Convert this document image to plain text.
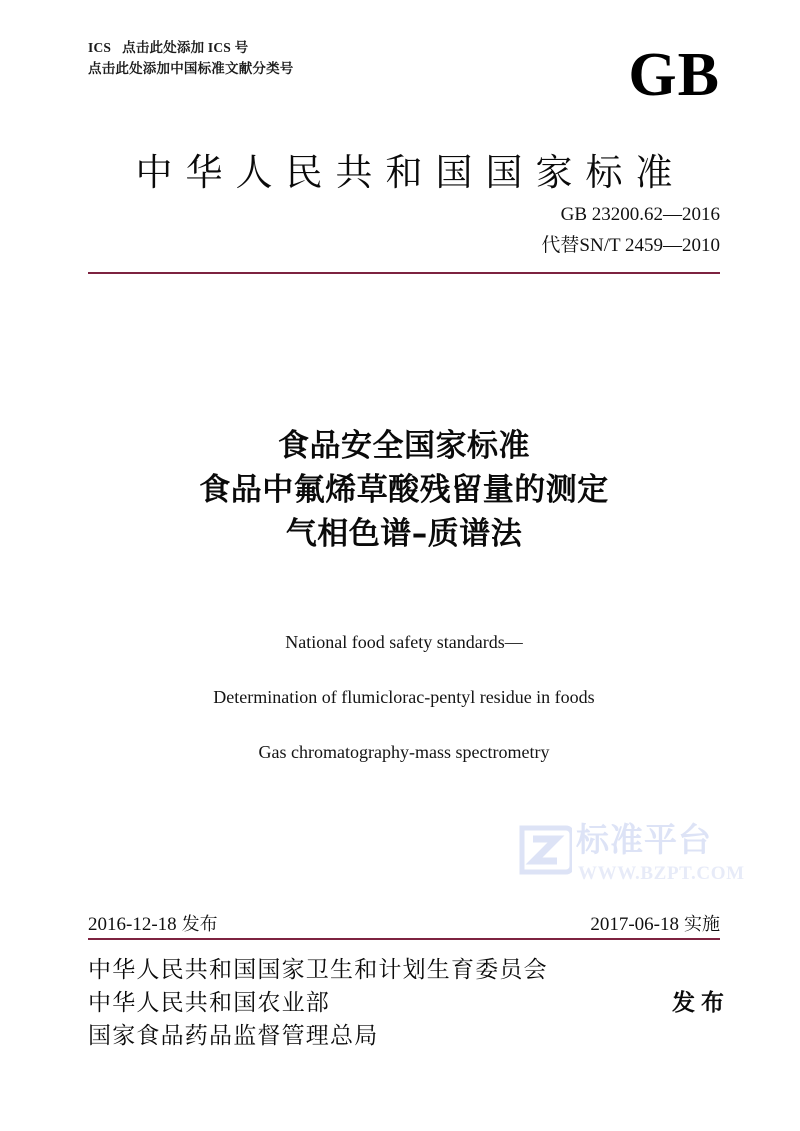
ICS 点击此处添加 ICS 号
点击此处添加中国标准文献分类号	GB
中华人民共和国国家标准
GB 23200.62—2016
代替SN/T 2459—2010
食品安全国家标准
食品中氟烯草酸残留量的测定
气相色谱–质谱法
National food safety standards—
Determination of flumiclorac-pentyl residue in foods
Gas chromatography-mass spectrometry
标准平台
WWW.BZPT.COM
2016-12-18 发布	2017-06-18 实施
中华人民共和国国家卫生和计划生育委员会
中华人民共和国农业部
国家食品药品监督管理总局
发布
